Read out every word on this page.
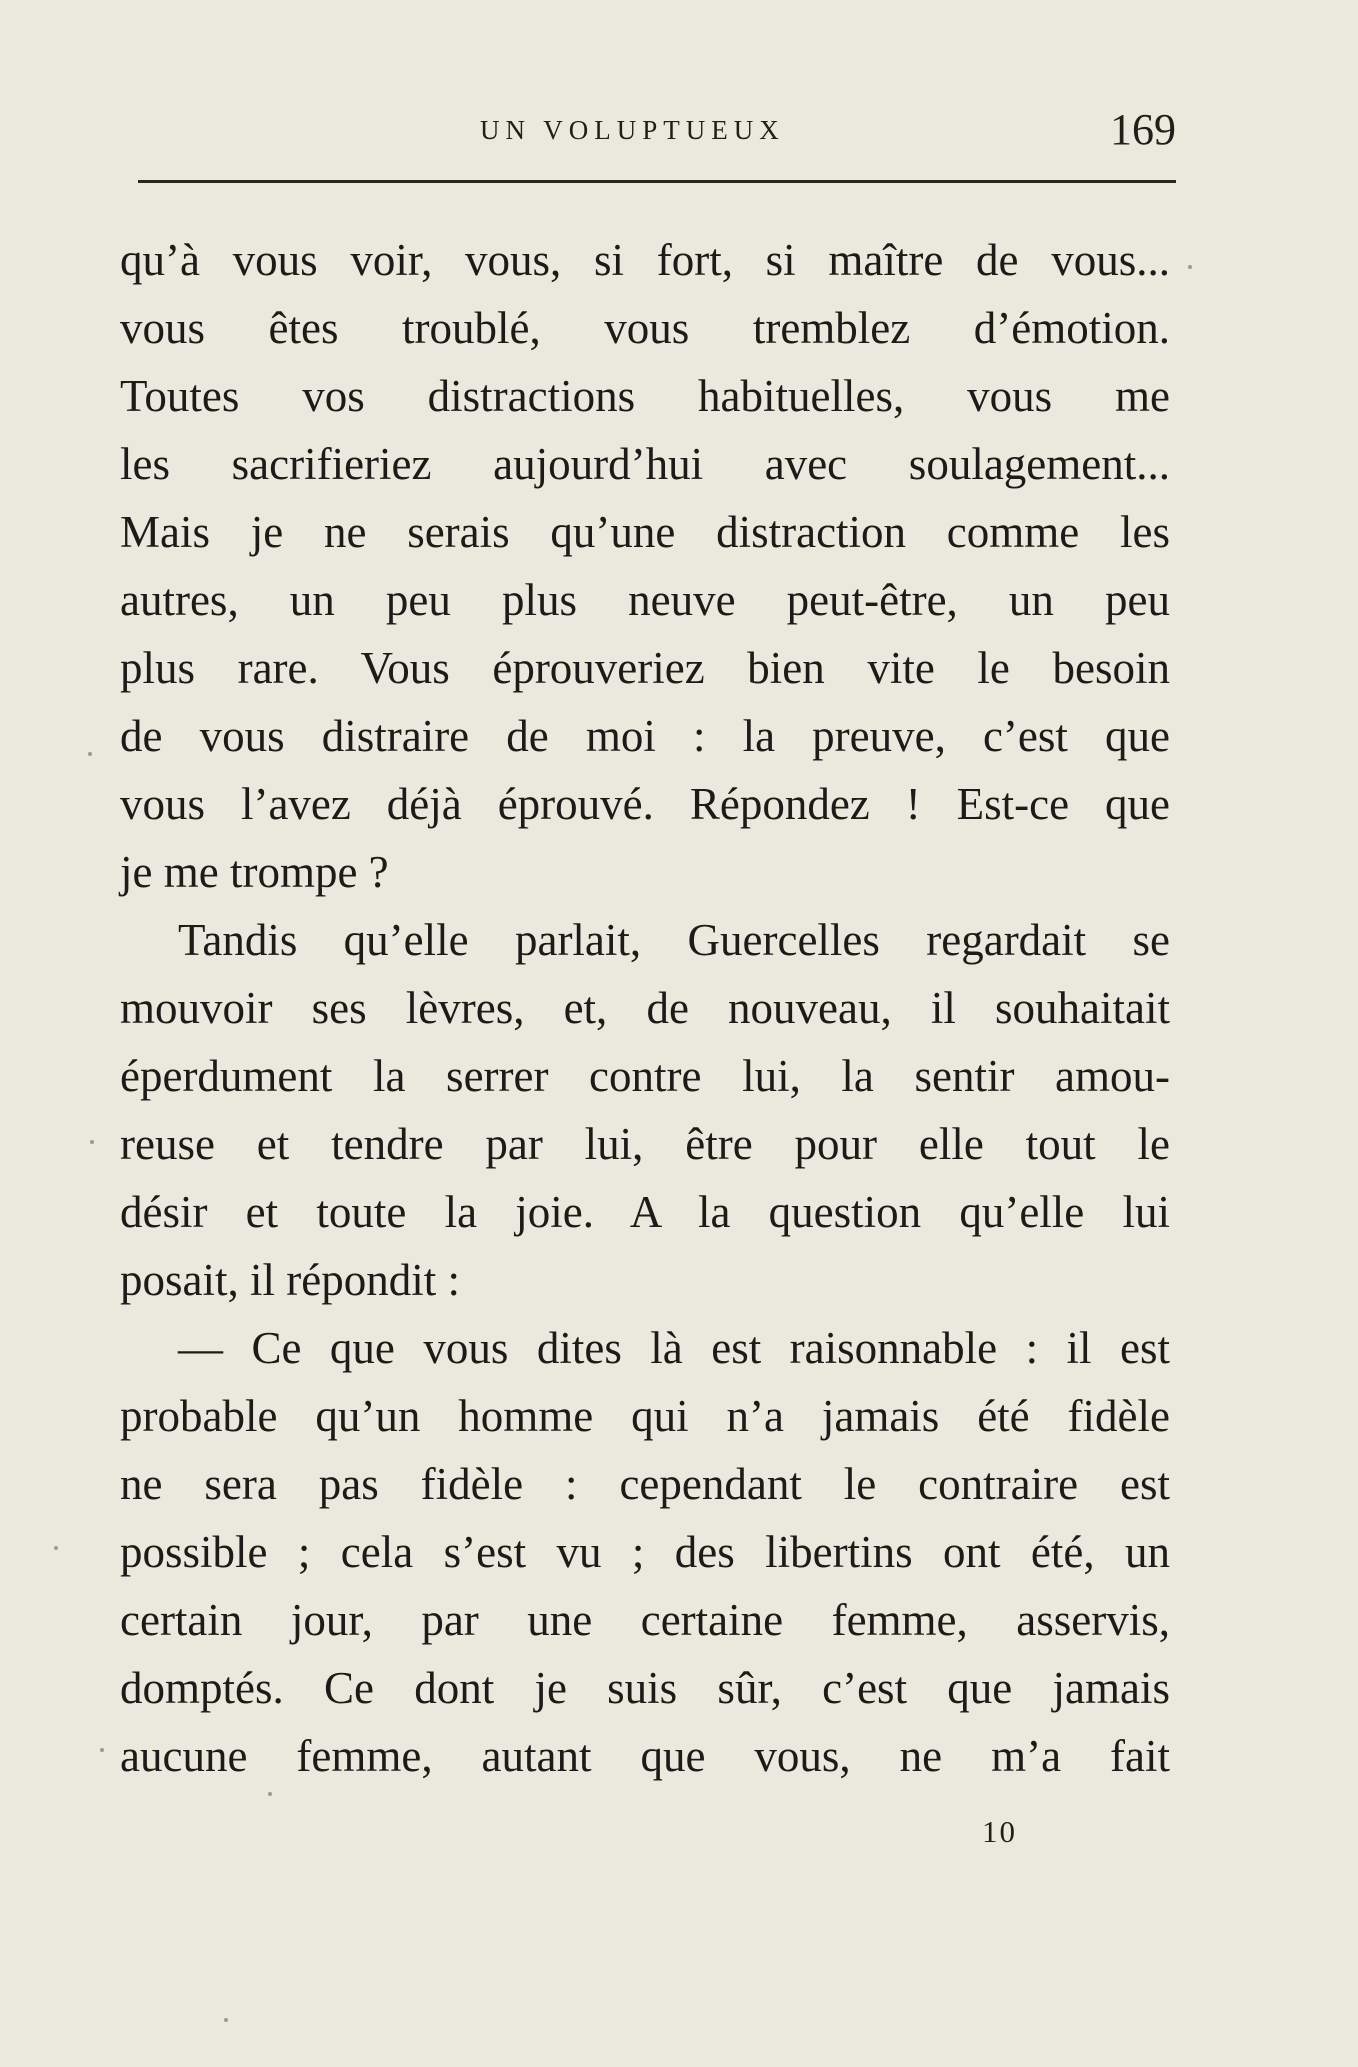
UN VOLUPTUEUX	169
qu’à vous voir, vous, si fort, si maître de vous...
vous êtes troublé, vous tremblez d’émotion.
Toutes vos distractions habituelles, vous me
les sacrifieriez aujourd’hui avec soulagement...
Mais je ne serais qu’une distraction comme les
autres, un peu plus neuve peut-être, un peu
plus rare. Vous éprouveriez bien vite le besoin
de vous distraire de moi : la preuve, c’est que
vous l’avez déjà éprouvé. Répondez ! Est-ce que
je me trompe ?
Tandis qu’elle parlait, Guercelles regardait se
mouvoir ses lèvres, et, de nouveau, il souhaitait
éperdument la serrer contre lui, la sentir amou-
reuse et tendre par lui, être pour elle tout le
désir et toute la joie. A la question qu’elle lui
posait, il répondit :
— Ce que vous dites là est raisonnable : il est
probable qu’un homme qui n’a jamais été fidèle
ne sera pas fidèle : cependant le contraire est
possible ; cela s’est vu ; des libertins ont été, un
certain jour, par une certaine femme, asservis,
domptés. Ce dont je suis sûr, c’est que jamais
aucune femme, autant que vous, ne m’a fait
10
